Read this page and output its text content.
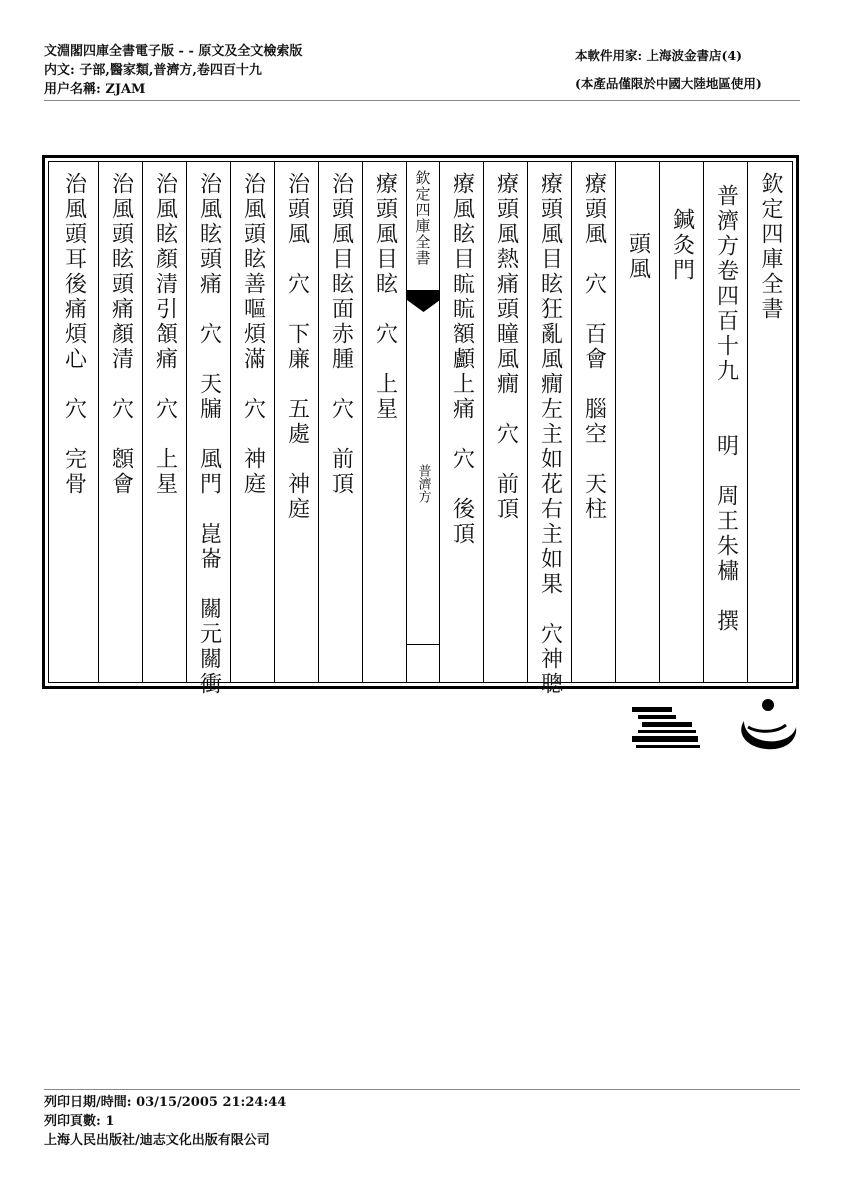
文淵閣四庫全書電子版 - - 原文及全文檢索版
内文: 子部,醫家類,普濟方,卷四百十九
用户名稱: ZJAM
本軟件用家: 上海波金書店(4)
(本產品僅限於中國大陸地區使用)
治風頭耳後痛煩心　穴　完骨 治風頭眩頭痛顏清　穴　顖會 治風眩顏清引頷痛　穴　上星 治風眩頭痛　穴　天牖　風門　崑崙　關元關衝 治風頭眩善嘔煩滿　穴　神庭 治頭風　穴　下廉　五處　神庭 治頭風目眩面赤腫　穴　前頂 療頭風目眩　穴　上星 欽定四庫全書
普濟方 療風眩目䀮䀮額顱上痛　穴　後頂 療頭風熱痛頭瞳風癇　穴　前頂 療頭風目眩狂亂風癇左主如花右主如果　穴神聰 療頭風　穴　百會　腦空　天柱 頭風 鍼灸門 普濟方卷四百十九　　明　周王朱橚　撰 欽定四庫全書
列印日期/時間: 03/15/2005 21:24:44
列印頁數: 1
上海人民出版社/迪志文化出版有限公司
